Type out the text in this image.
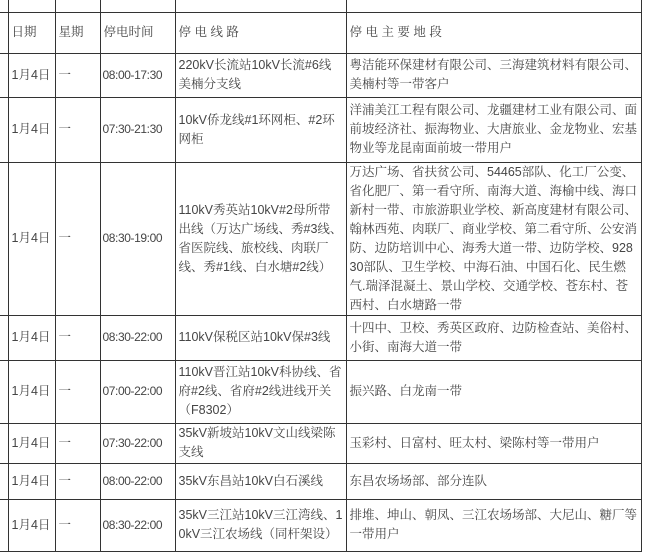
	日期	星期	停电时间	停 电 线 路	停 电 主 要 地 段
	1月4日	一	08:00-17:30	220kV长流站10kV长流#6线美楠分支线	粤洁能环保建材有限公司、三海建筑材料有限公司、美楠村等一带客户
	1月4日	一	07:30-21:30	10kV侨龙线#1环网柜、#2环网柜	洋浦美江工程有限公司、龙疆建材工业有限公司、面前坡经济社、振海物业、大唐旅业、金龙物业、宏基物业等龙昆南面前坡一带用户
	1月4日	一	08:30-19:00	110kV秀英站10kV#2母所带出线（万达广场线、秀#3线、省医院线、旅校线、肉联厂线、秀#1线、白水塘#2线）	万达广场、省扶贫公司、54465部队、化工厂公变、省化肥厂、第一看守所、南海大道、海榆中线、海口新村一带、市旅游职业学校、新高度建材有限公司、翰林西苑、肉联厂、商业学校、第二看守所、公安消防、边防培训中心、海秀大道一带、边防学校、92830部队、卫生学校、中海石油、中国石化、民生燃气.瑞泽混凝土、景山学校、交通学校、苍东村、苍西村、白水塘路一带
	1月4日	一	08:30-22:00	110kV保税区站10kV保#3线	十四中、卫校、秀英区政府、边防检查站、美俗村、小街、南海大道一带
	1月4日	一	07:00-22:00	110kV晋江站10kV科协线、省府#2线、省府#2线进线开关（F8302）	振兴路、白龙南一带
	1月4日	一	07:30-22:00	35kV新坡站10kV文山线梁陈支线	玉彩村、日富村、旺太村、梁陈村等一带用户
	1月4日	一	08:00-22:00	35kV东昌站10kV白石溪线	东昌农场场部、部分连队
	1月4日	一	08:30-22:00	35kV三江站10kV三江湾线、10kV三江农场线（同杆架设）	排堆、坤山、朝凤、三江农场场部、大尼山、糖厂等一带用户
